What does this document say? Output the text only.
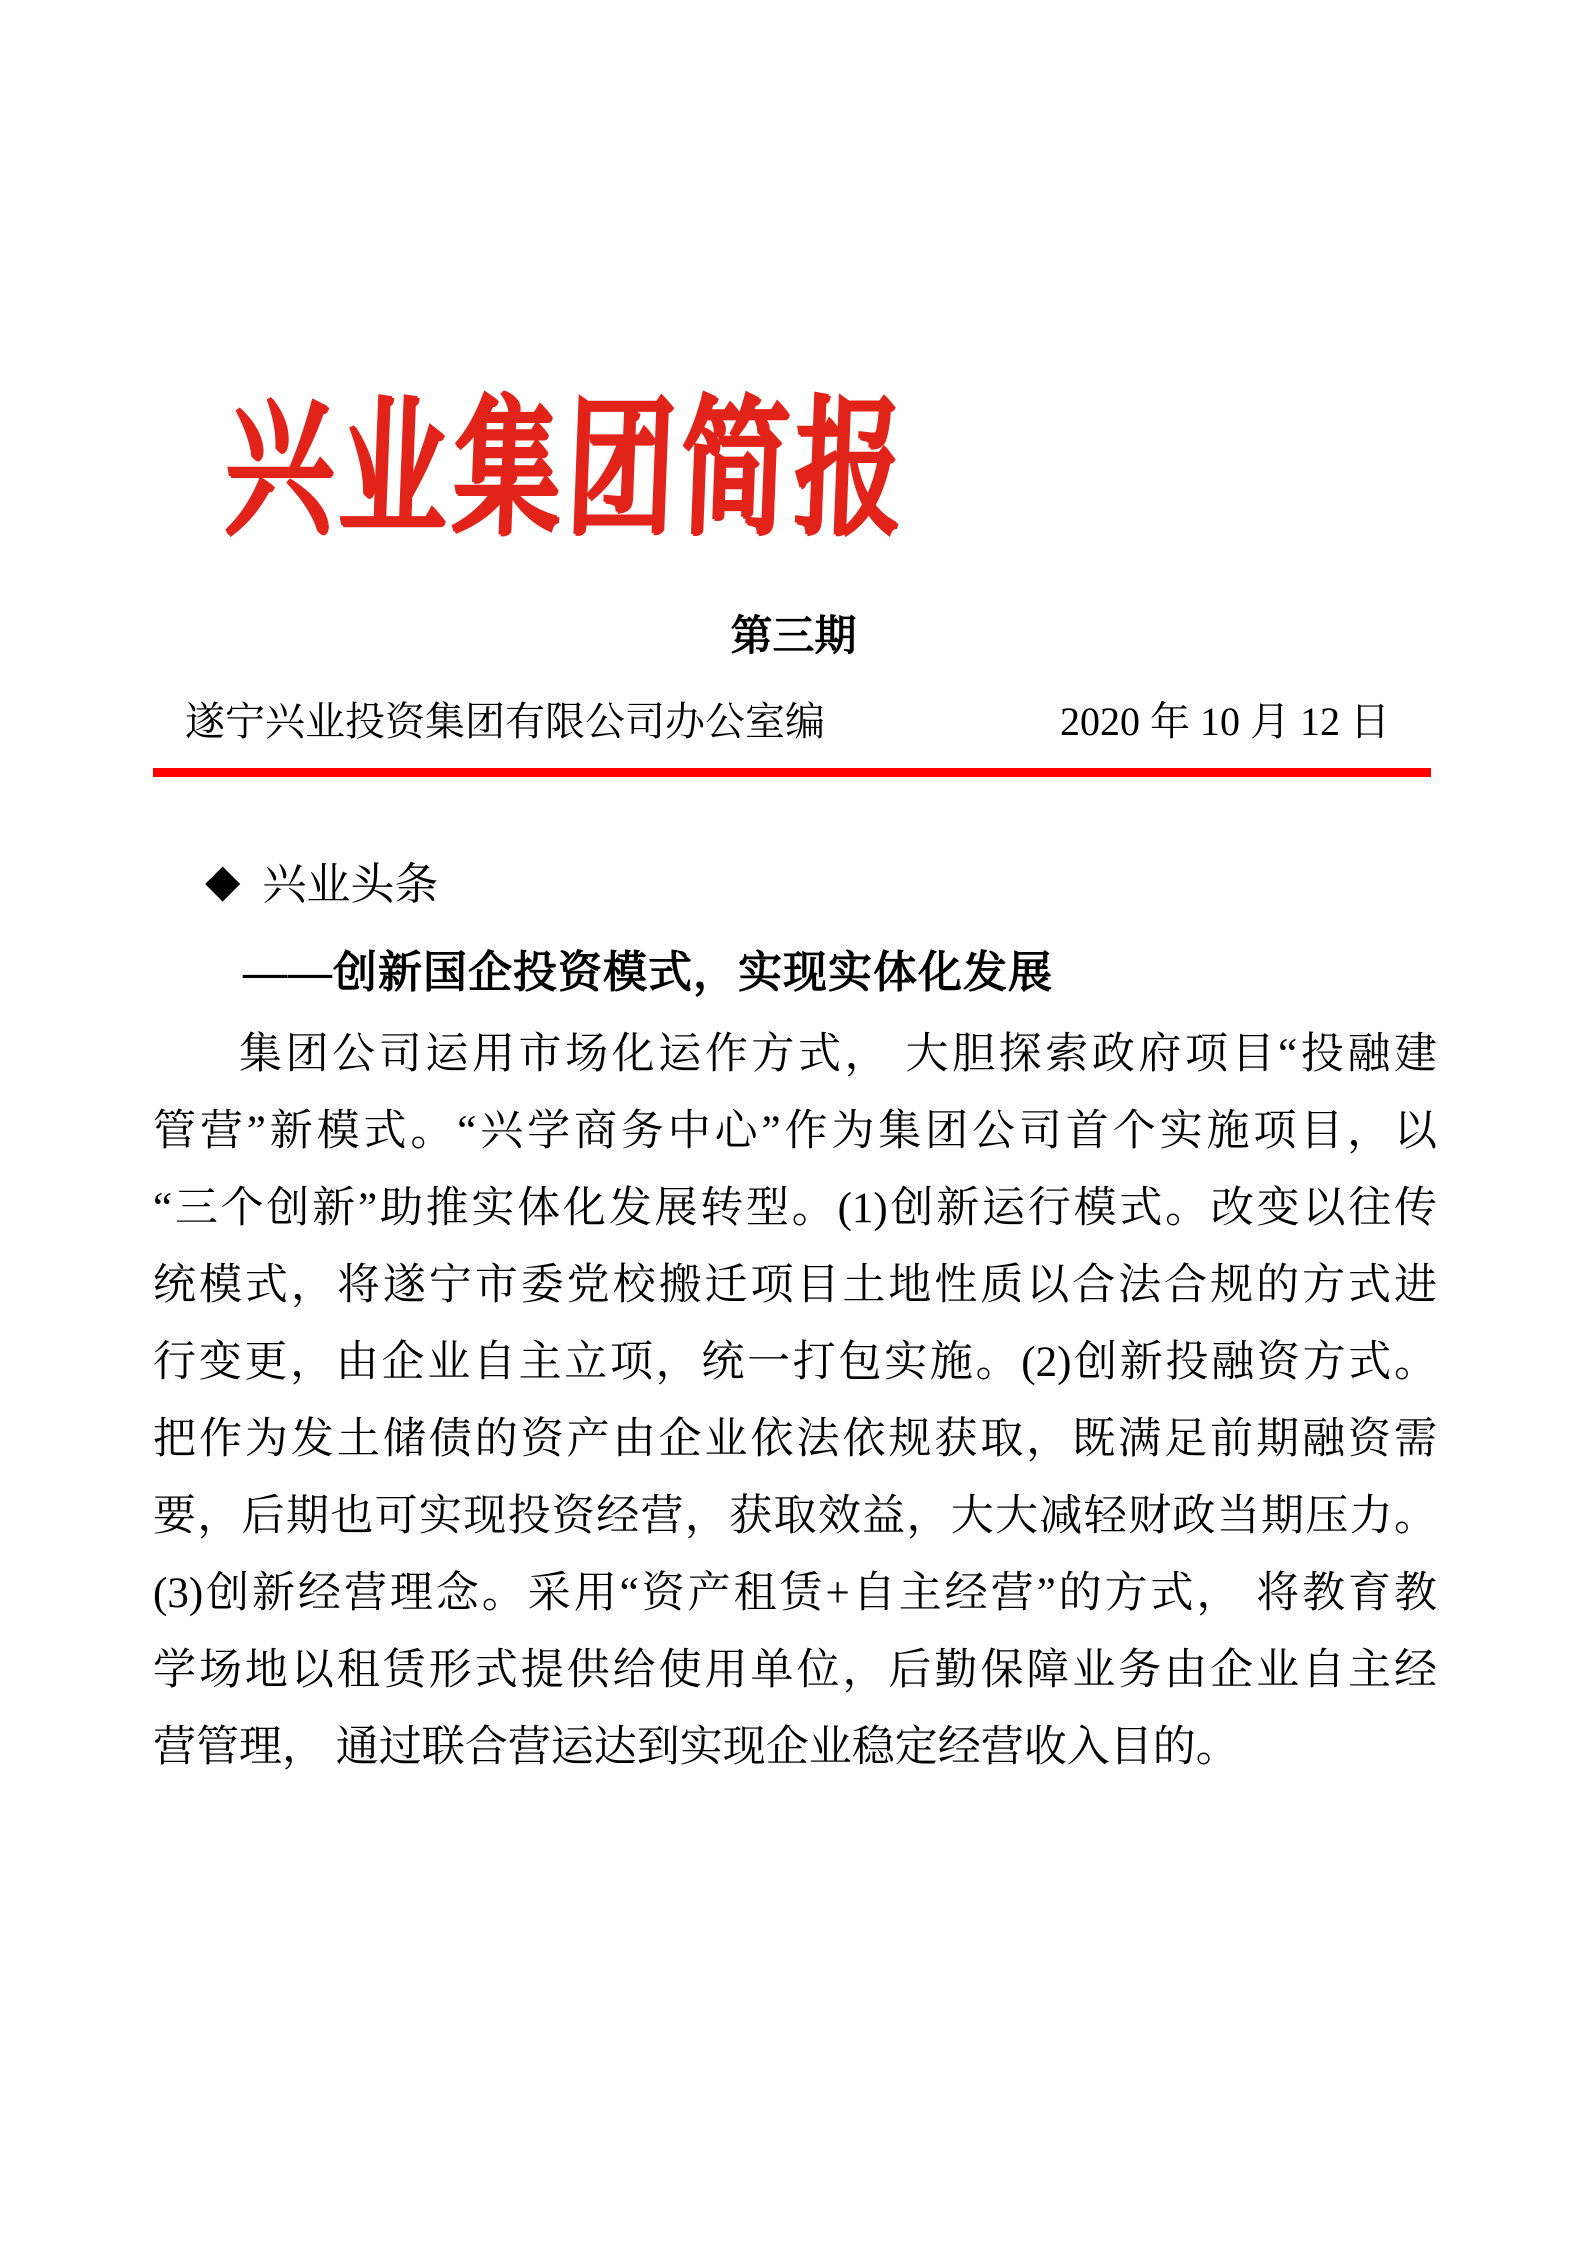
兴业集团简报
第三期
遂宁兴业投资集团有限公司办公室编	2020 年 10 月 12 日
◆ 兴业头条
——创新国企投资模式，实现实体化发展
集团公司运用市场化运作方式， 大胆探索政府项目“投融建
管营”新模式。“兴学商务中心”作为集团公司首个实施项目，以
“三个创新”助推实体化发展转型。(1)创新运行模式。改变以往传
统模式，将遂宁市委党校搬迁项目土地性质以合法合规的方式进
行变更，由企业自主立项，统一打包实施。(2)创新投融资方式。
把作为发土储债的资产由企业依法依规获取，既满足前期融资需
要，后期也可实现投资经营，获取效益，大大减轻财政当期压力。
(3)创新经营理念。采用“资产租赁+自主经营”的方式， 将教育教
学场地以租赁形式提供给使用单位，后勤保障业务由企业自主经
营管理， 通过联合营运达到实现企业稳定经营收入目的。
